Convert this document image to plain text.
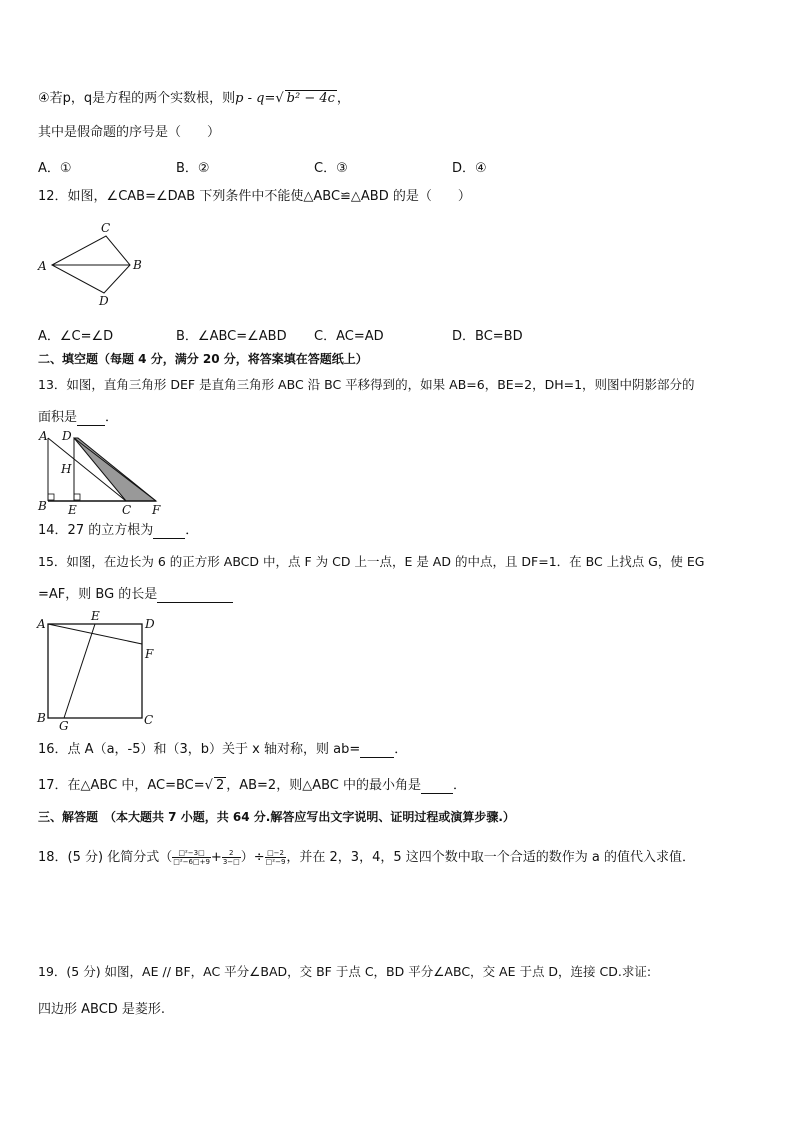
④若p，q是方程的两个实数根，则p - q=√ b² − 4c ，
其中是假命题的序号是（　　）
A．①	B．②	C．③	D．④
12．如图，∠CAB=∠DAB 下列条件中不能使△ABC≌△ABD 的是（　　）
A
C
B
D
A．∠C=∠D	B．∠ABC=∠ABD C．AC=AD	D．BC=BD
二、填空题（每题 4 分，满分 20 分，将答案填在答题纸上）
13．如图，直角三角形 DEF 是直角三角形 ABC 沿 BC 平移得到的，如果 AB=6，BE=2，DH=1，则图中阴影部分的
面积是 ．
A D
H
B E	C F
14．27 的立方根为 ．
15．如图，在边长为 6 的正方形 ABCD 中，点 F 为 CD 上一点，E 是 AD 的中点，且 DF=1．在 BC 上找点 G，使 EG
=AF，则 BG 的长是
A
E
D
F
B
G	C
16．点 A（a，-5）和（3，b）关于 x 轴对称，则 ab=	．
17．在△ABC 中，AC=BC=√ 2 ，AB=2，则△ABC 中的最小角是 ．
三、解答题　（本大题共 7 小题，共 64 分.解答应写出文字说明、证明过程或演算步骤.）
18．(5 分) 化简分式（ $\frac{\text{□²−3□}}{\text{□²−6□+9}} + \frac{2}{3-□}$ ）÷ $\frac{□-2}{\text{□²−9}}$ ，并在 2，3，4，5 这四个数中取一个合适的数作为 a 的值代入求值．
19．(5 分) 如图，AE // BF，AC 平分∠BAD，交 BF 于点 C，BD 平分∠ABC，交 AE 于点 D，连接 CD.求证:
四边形 ABCD 是菱形.
